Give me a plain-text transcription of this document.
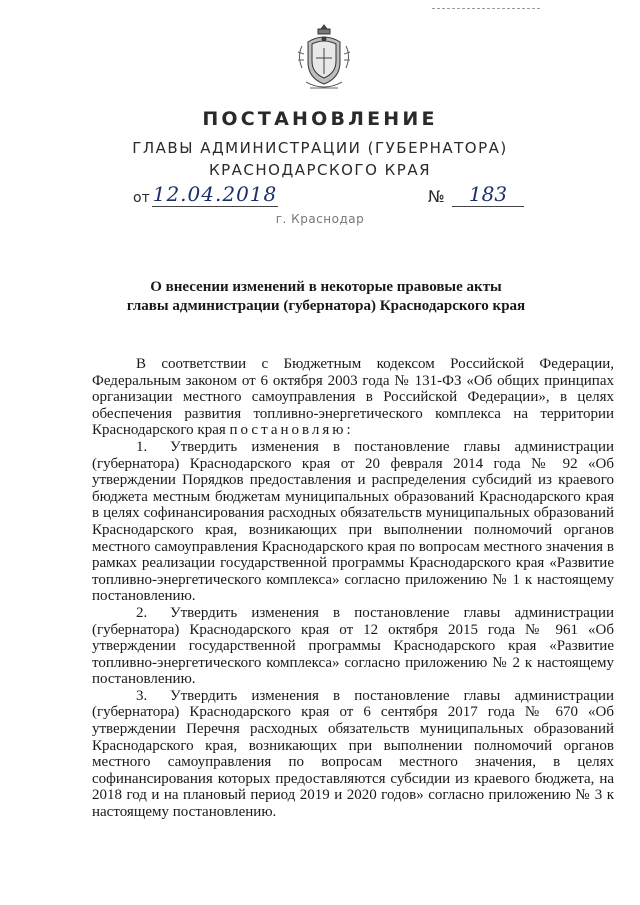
ПОСТАНОВЛЕНИЕ
ГЛАВЫ АДМИНИСТРАЦИИ (ГУБЕРНАТОРА)
КРАСНОДАРСКОГО КРАЯ
от 12.04.2018	№	183
г. Краснодар
О внесении изменений в некоторые правовые акты
главы администрации (губернатора) Краснодарского края

В соответствии с Бюджетным кодексом Российской Федерации, Федеральным законом от 6 октября 2003 года № 131-ФЗ «Об общих принципах организации местного самоуправления в Российской Федерации», в целях обеспечения развития топливно-энергетического комплекса на территории Краснодарского края постановляю:

1. Утвердить изменения в постановление главы администрации (губернатора) Краснодарского края от 20 февраля 2014 года № 92 «Об утверждении Порядков предоставления и распределения субсидий из краевого бюджета местным бюджетам муниципальных образований Краснодарского края в целях софинансирования расходных обязательств муниципальных образований Краснодарского края, возникающих при выполнении полномочий органов местного самоуправления Краснодарского края по вопросам местного значения в рамках реализации государственной программы Краснодарского края «Развитие топливно-энергетического комплекса» согласно приложению № 1 к настоящему постановлению.

2. Утвердить изменения в постановление главы администрации (губернатора) Краснодарского края от 12 октября 2015 года № 961 «Об утверждении государственной программы Краснодарского края «Развитие топливно-энергетического комплекса» согласно приложению № 2 к настоящему постановлению.

3. Утвердить изменения в постановление главы администрации (губернатора) Краснодарского края от 6 сентября 2017 года № 670 «Об утверждении Перечня расходных обязательств муниципальных образований Краснодарского края, возникающих при выполнении полномочий органов местного самоуправления по вопросам местного значения, в целях софинансирования которых предоставляются субсидии из краевого бюджета, на 2018 год и на плановый период 2019 и 2020 годов» согласно приложению № 3 к настоящему постановлению.
